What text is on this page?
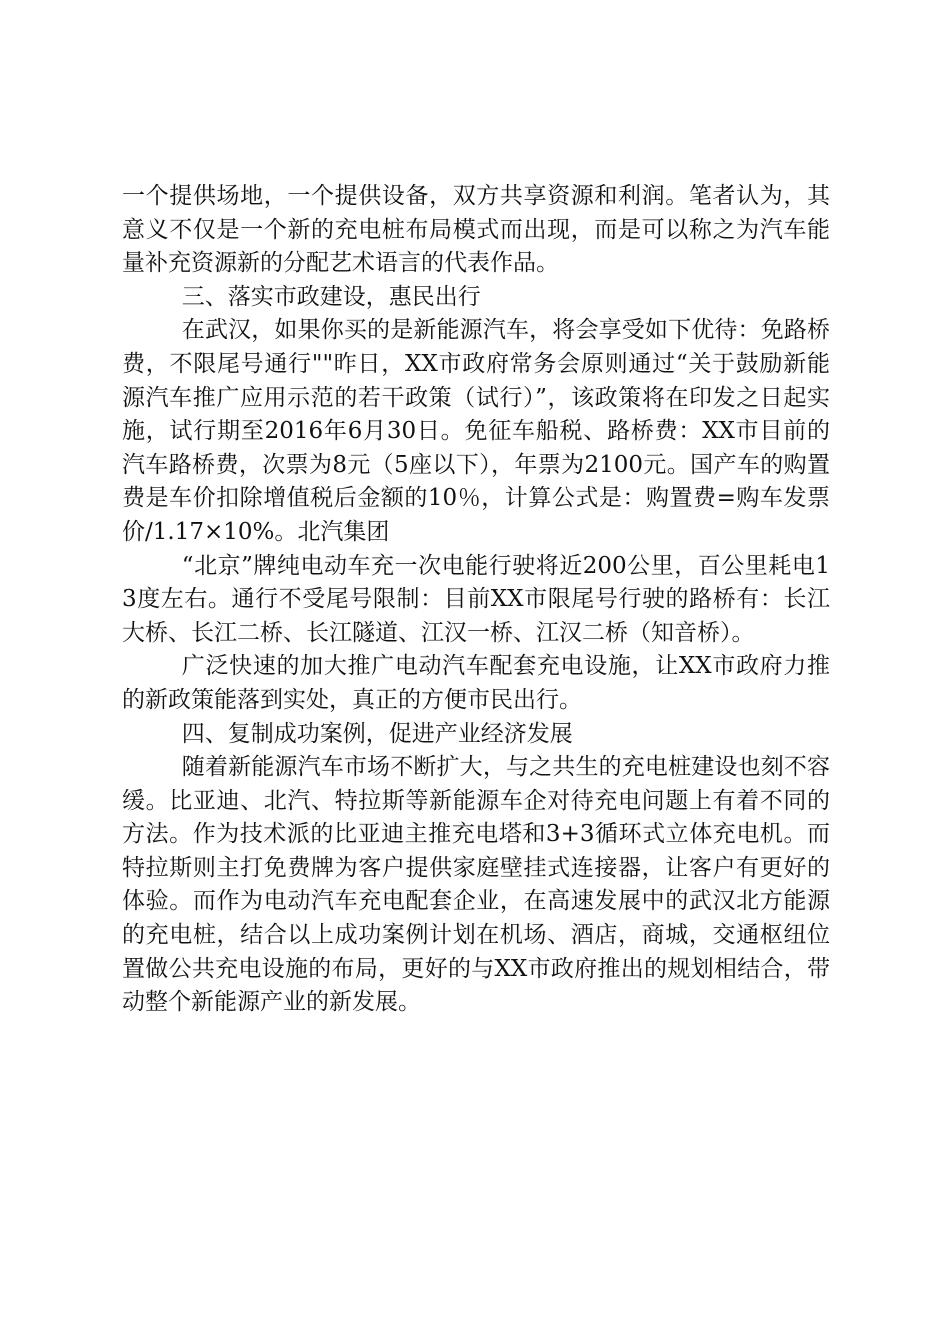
一个提供场地，一个提供设备，双方共享资源和利润。笔者认为，其意义不仅是一个新的充电桩布局模式而出现，而是可以称之为汽车能量补充资源新的分配艺术语言的代表作品。

三、落实市政建设，惠民出行

在武汉，如果你买的是新能源汽车，将会享受如下优待：免路桥费，不限尾号通行""昨日，XX市政府常务会原则通过“关于鼓励新能源汽车推广应用示范的若干政策（试行）”，该政策将在印发之日起实施，试行期至2016年6月30日。免征车船税、路桥费：XX市目前的汽车路桥费，次票为8元（5座以下），年票为2100元。国产车的购置费是车价扣除增值税后金额的10％，计算公式是：购置费=购车发票价/1.17×10%。北汽集团

“北京”牌纯电动车充一次电能行驶将近200公里，百公里耗电13度左右。通行不受尾号限制：目前XX市限尾号行驶的路桥有：长江大桥、长江二桥、长江隧道、江汉一桥、江汉二桥（知音桥）。

广泛快速的加大推广电动汽车配套充电设施，让XX市政府力推的新政策能落到实处，真正的方便市民出行。

四、复制成功案例，促进产业经济发展

随着新能源汽车市场不断扩大，与之共生的充电桩建设也刻不容缓。比亚迪、北汽、特拉斯等新能源车企对待充电问题上有着不同的方法。作为技术派的比亚迪主推充电塔和3+3循环式立体充电机。而特拉斯则主打免费牌为客户提供家庭壁挂式连接器，让客户有更好的体验。而作为电动汽车充电配套企业，在高速发展中的武汉北方能源的充电桩，结合以上成功案例计划在机场、酒店，商城，交通枢纽位置做公共充电设施的布局，更好的与XX市政府推出的规划相结合，带动整个新能源产业的新发展。
